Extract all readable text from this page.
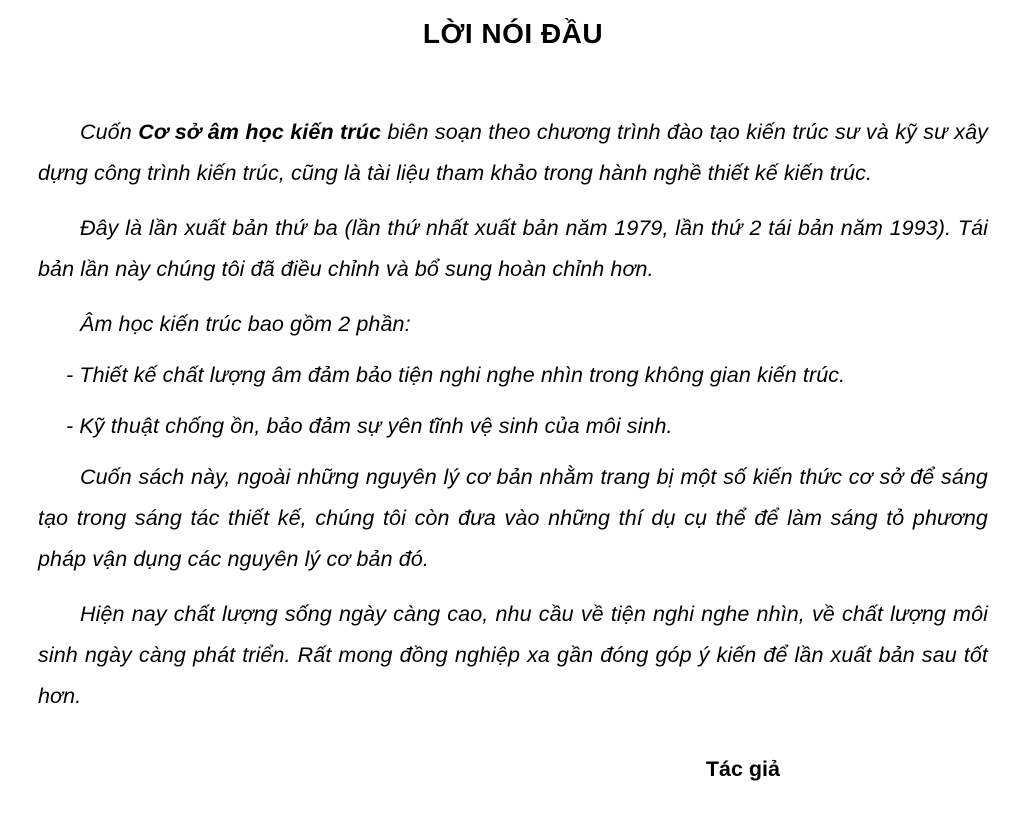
LỜI NÓI ĐẦU

Cuốn Cơ sở âm học kiến trúc biên soạn theo chương trình đào tạo kiến trúc sư và kỹ sư xây dựng công trình kiến trúc, cũng là tài liệu tham khảo trong hành nghề thiết kế kiến trúc.

Đây là lần xuất bản thứ ba (lần thứ nhất xuất bản năm 1979, lần thứ 2 tái bản năm 1993). Tái bản lần này chúng tôi đã điều chỉnh và bổ sung hoàn chỉnh hơn.

Âm học kiến trúc bao gồm 2 phần:

- Thiết kế chất lượng âm đảm bảo tiện nghi nghe nhìn trong không gian kiến trúc.

- Kỹ thuật chống ồn, bảo đảm sự yên tĩnh vệ sinh của môi sinh.

Cuốn sách này, ngoài những nguyên lý cơ bản nhằm trang bị một số kiến thức cơ sở để sáng tạo trong sáng tác thiết kế, chúng tôi còn đưa vào những thí dụ cụ thể để làm sáng tỏ phương pháp vận dụng các nguyên lý cơ bản đó.

Hiện nay chất lượng sống ngày càng cao, nhu cầu về tiện nghi nghe nhìn, về chất lượng môi sinh ngày càng phát triển. Rất mong đồng nghiệp xa gần đóng góp ý kiến để lần xuất bản sau tốt hơn.

Tác giả
